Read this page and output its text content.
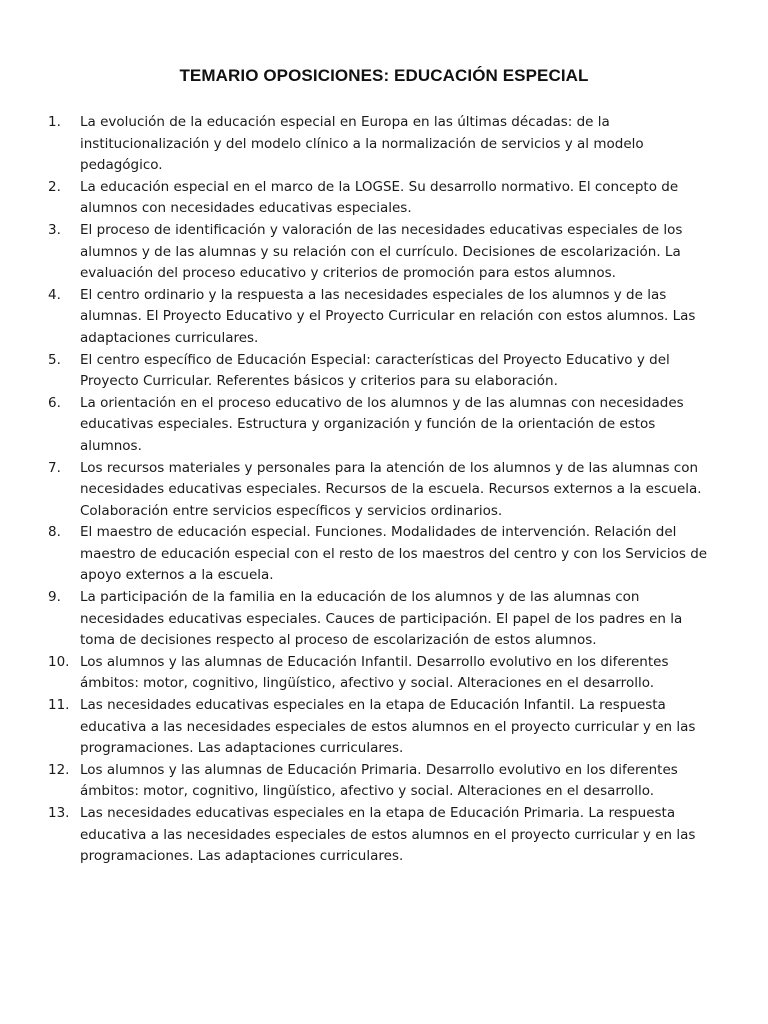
TEMARIO OPOSICIONES: EDUCACIÓN ESPECIAL
1.	La evolución de la educación especial en Europa en las últimas décadas: de la institucionalización y del modelo clínico a la normalización de servicios y al modelo pedagógico.
2.	La educación especial en el marco de la LOGSE. Su desarrollo normativo. El concepto de alumnos con necesidades educativas especiales.
3.	El proceso de identificación y valoración de las necesidades educativas especiales de los alumnos y de las alumnas y su relación con el currículo. Decisiones de escolarización. La evaluación del proceso educativo y criterios de promoción para estos alumnos.
4.	El centro ordinario y la respuesta a las necesidades especiales de los alumnos y de las alumnas. El Proyecto Educativo y el Proyecto Curricular en relación con estos alumnos. Las adaptaciones curriculares.
5.	El centro específico de Educación Especial: características del Proyecto Educativo y del Proyecto Curricular. Referentes básicos y criterios para su elaboración.
6.	La orientación en el proceso educativo de los alumnos y de las alumnas con necesidades educativas especiales. Estructura y organización y función de la orientación de estos alumnos.
7.	Los recursos materiales y personales para la atención de los alumnos y de las alumnas con necesidades educativas especiales. Recursos de la escuela. Recursos externos a la escuela. Colaboración entre servicios específicos y servicios ordinarios.
8.	El maestro de educación especial. Funciones. Modalidades de intervención. Relación del maestro de educación especial con el resto de los maestros del centro y con los Servicios de apoyo externos a la escuela.
9.	La participación de la familia en la educación de los alumnos y de las alumnas con necesidades educativas especiales. Cauces de participación. El papel de los padres en la toma de decisiones respecto al proceso de escolarización de estos alumnos.
10. Los alumnos y las alumnas de Educación Infantil. Desarrollo evolutivo en los diferentes ámbitos: motor, cognitivo, lingüístico, afectivo y social. Alteraciones en el desarrollo.
11. Las necesidades educativas especiales en la etapa de Educación Infantil. La respuesta educativa a las necesidades especiales de estos alumnos en el proyecto curricular y en las programaciones. Las adaptaciones curriculares.
12. Los alumnos y las alumnas de Educación Primaria. Desarrollo evolutivo en los diferentes ámbitos: motor, cognitivo, lingüístico, afectivo y social. Alteraciones en el desarrollo.
13. Las necesidades educativas especiales en la etapa de Educación Primaria. La respuesta educativa a las necesidades especiales de estos alumnos en el proyecto curricular y en las programaciones. Las adaptaciones curriculares.
